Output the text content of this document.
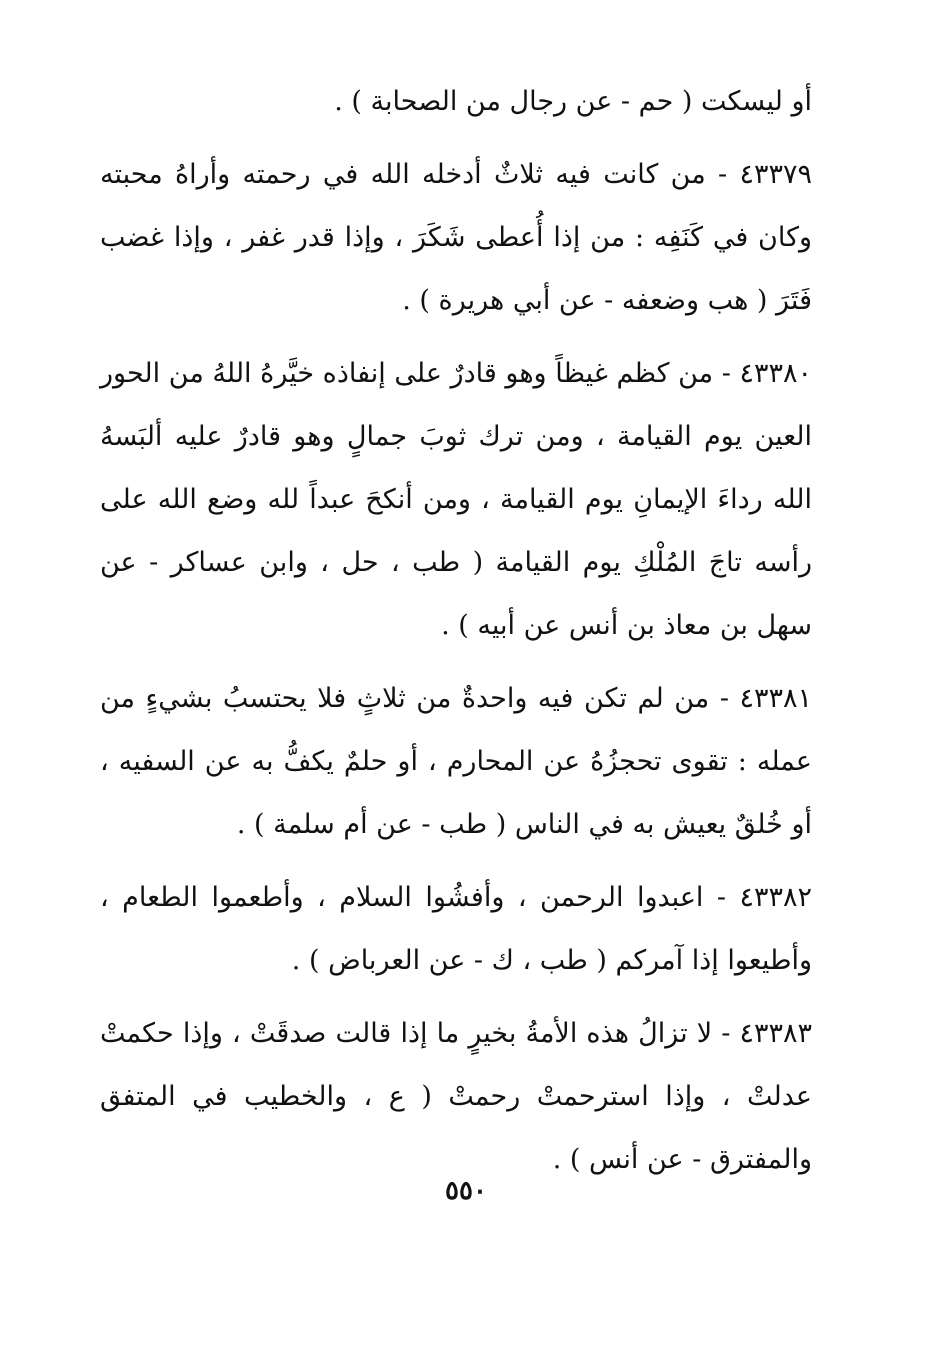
أو ليسكت ( حم - عن رجال من الصحابة ) .

٤٣٣٧٩ - من كانت فيه ثلاثٌ أدخله الله في رحمته وأراهُ محبته وكان في كَنَفِه : من إذا أُعطى شَكَرَ ، وإذا قدر غفر ، وإذا غضب فَتَرَ ( هب وضعفه - عن أبي هريرة ) .

٤٣٣٨٠ - من كظم غيظاً وهو قادرٌ على إنفاذه خيَّرهُ اللهُ من الحور العين يوم القيامة ، ومن ترك ثوبَ جمالٍ وهو قادرٌ عليه ألبَسهُ الله رداءَ الإيمانِ يوم القيامة ، ومن أنكحَ عبداً لله وضع الله على رأسه تاجَ المُلْكِ يوم القيامة ( طب ، حل ، وابن عساكر - عن سهل بن معاذ بن أنس عن أبيه ) .

٤٣٣٨١ - من لم تكن فيه واحدةٌ من ثلاثٍ فلا يحتسبُ بشيءٍ من عمله : تقوى تحجزُهُ عن المحارم ، أو حلمٌ يكفُّ به عن السفيه ، أو خُلقٌ يعيش به في الناس ( طب - عن أم سلمة ) .

٤٣٣٨٢ - اعبدوا الرحمن ، وأفشُوا السلام ، وأطعموا الطعام ، وأطيعوا إذا آمركم ( طب ، ك - عن العرباض ) .

٤٣٣٨٣ - لا تزالُ هذه الأمةُ بخيرٍ ما إذا قالت صدقَتْ ، وإذا حكمتْ عدلتْ ، وإذا استرحمتْ رحمتْ ( ع ، والخطيب في المتفق والمفترق - عن أنس ) .

٥٥٠
